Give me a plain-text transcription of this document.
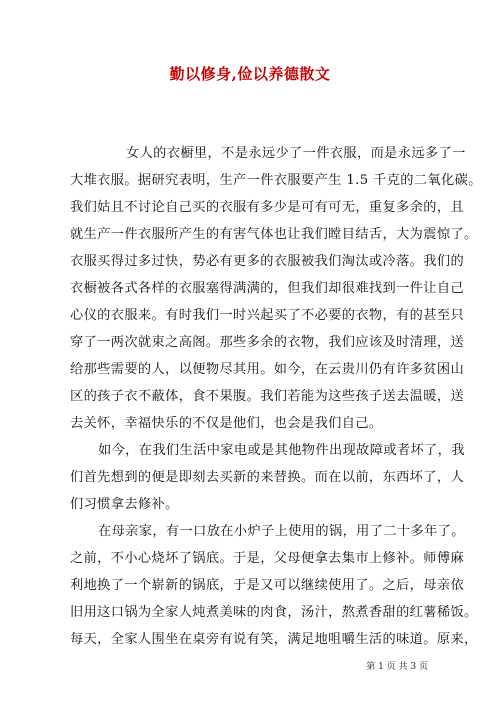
勤以修身,俭以养德散文
女人的衣橱里，不是永远少了一件衣服，而是永远多了一
大堆衣服。据研究表明，生产一件衣服要产生 1.5 千克的二氧化碳。
我们姑且不讨论自己买的衣服有多少是可有可无，重复多余的，且
就生产一件衣服所产生的有害气体也让我们瞠目结舌，大为震惊了。
衣服买得过多过快，势必有更多的衣服被我们淘汰或冷落。我们的
衣橱被各式各样的衣服塞得满满的，但我们却很难找到一件让自己
心仪的衣服来。有时我们一时兴起买了不必要的衣物，有的甚至只
穿了一两次就束之高阁。那些多余的衣物，我们应该及时清理，送
给那些需要的人，以便物尽其用。如今，在云贵川仍有许多贫困山
区的孩子衣不蔽体，食不果腹。我们若能为这些孩子送去温暖，送
去关怀，幸福快乐的不仅是他们，也会是我们自己。
如今，在我们生活中家电或是其他物件出现故障或者坏了，我
们首先想到的便是即刻去买新的来替换。而在以前，东西坏了，人
们习惯拿去修补。
在母亲家，有一口放在小炉子上使用的锅，用了二十多年了。
之前，不小心烧坏了锅底。于是，父母便拿去集市上修补。师傅麻
利地换了一个崭新的锅底，于是又可以继续使用了。之后，母亲依
旧用这口锅为全家人炖煮美味的肉食，汤汁，熬煮香甜的红薯稀饭。
每天，全家人围坐在桌旁有说有笑，满足地咀嚼生活的味道。原来，
第 1 页 共 3 页
